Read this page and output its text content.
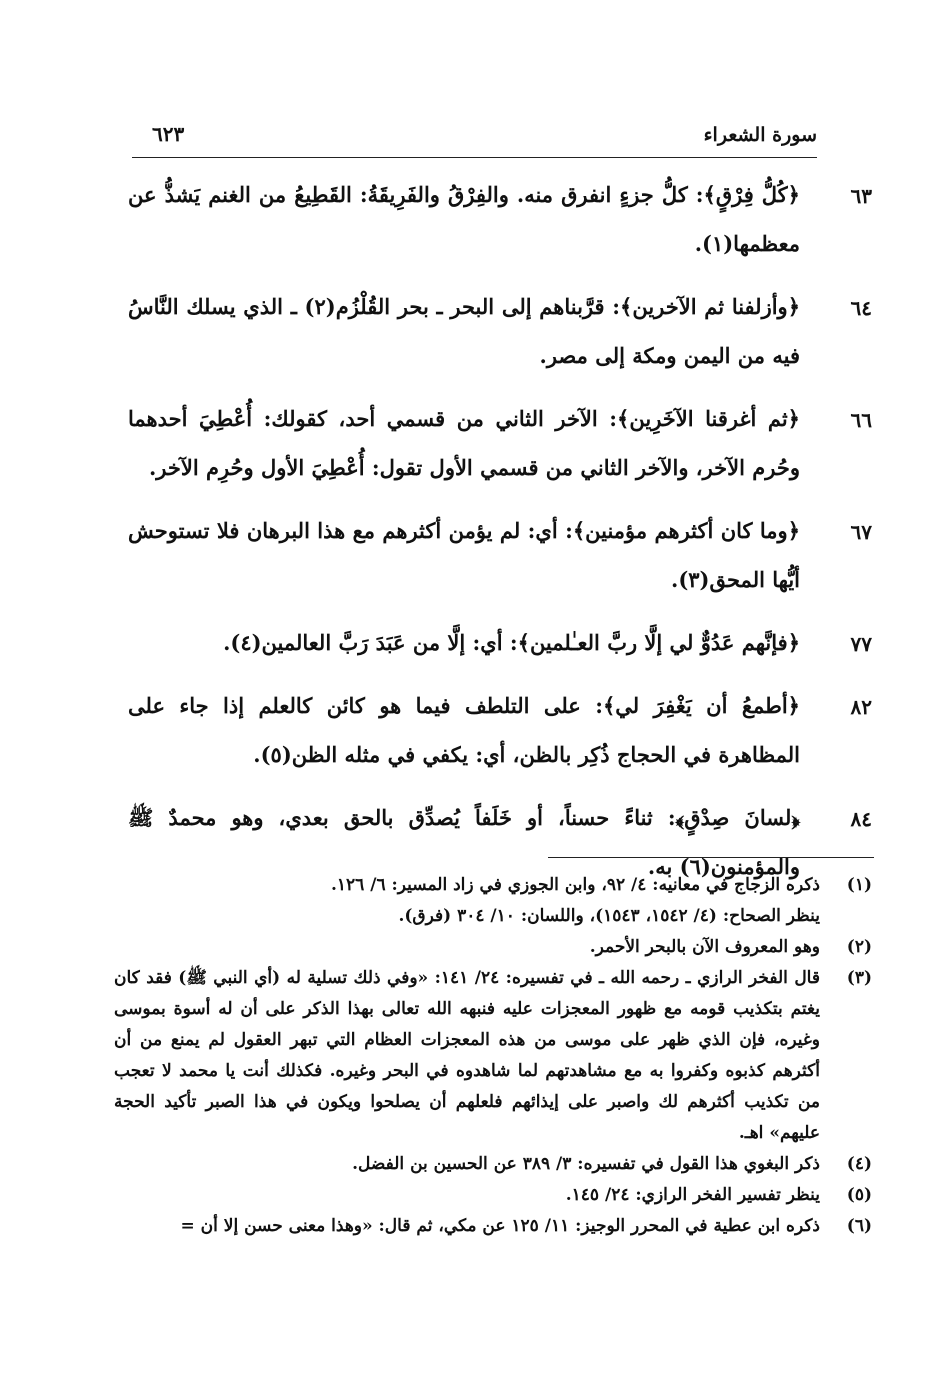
سورة الشعراء
٦٢٣
٦٣
﴿كُلُّ فِرْقٍ﴾: كلُّ جزءٍ انفرق منه. والفِرْقُ والفَرِيقَةُ: القَطِيعُ من الغنم يَشذُّ عن معظمها(١).
٦٤
﴿وأزلفنا ثم الآخرين﴾: قرَّبناهم إلى البحر ـ بحر القُلْزُم(٢) ـ الذي يسلك النَّاسُ فيه من اليمن ومكة إلى مصر.
٦٦
﴿ثم أغرقنا الآخَرِين﴾: الآخر الثاني من قسمي أحد، كقولك: أُعْطِيَ أحدهما وحُرم الآخر، والآخر الثاني من قسمي الأول تقول: أُعْطِيَ الأول وحُرِم الآخر.
٦٧
﴿وما كان أكثرهم مؤمنين﴾: أي: لم يؤمن أكثرهم مع هذا البرهان فلا تستوحش أيُّها المحق(٣).
٧٧
﴿فإنَّهم عَدُوٌّ لي إلَّا ربَّ العـٰلمين﴾: أي: إلَّا من عَبَدَ رَبَّ العالمين(٤).
٨٢
﴿أطمعُ أن يَغْفِرَ لي﴾: على التلطف فيما هو كائن كالعلم إذا جاء على المظاهرة في الحجاج ذُكِر بالظن، أي: يكفي في مثله الظن(٥).
٨٤
﴿لسانَ صِدْقٍ﴾: ثناءً حسناً، أو خَلَفاً يُصدِّق بالحق بعدي، وهو محمدٌ ﷺ والمؤمنون(٦) به.
(١)
ذكره الزجاج في معانيه: ٤/ ٩٢، وابن الجوزي في زاد المسير: ٦/ ١٢٦.
ينظر الصحاح: (٤/ ١٥٤٢، ١٥٤٣)، واللسان: ١٠/ ٣٠٤ (فرق).
(٢)
وهو المعروف الآن بالبحر الأحمر.
(٣)
قال الفخر الرازي ـ رحمه الله ـ في تفسيره: ٢٤/ ١٤١: «وفي ذلك تسلية له (أي النبي ﷺ) فقد كان يغتم بتكذيب قومه مع ظهور المعجزات عليه فنبهه الله تعالى بهذا الذكر على أن له أسوة بموسى وغيره، فإن الذي ظهر على موسى من هذه المعجزات العظام التي تبهر العقول لم يمنع من أن أكثرهم كذبوه وكفروا به مع مشاهدتهم لما شاهدوه في البحر وغيره. فكذلك أنت يا محمد لا تعجب من تكذيب أكثرهم لك واصبر على إيذائهم فلعلهم أن يصلحوا ويكون في هذا الصبر تأكيد الحجة عليهم» اهـ.
(٤)
ذكر البغوي هذا القول في تفسيره: ٣/ ٣٨٩ عن الحسين بن الفضل.
(٥)
ينظر تفسير الفخر الرازي: ٢٤/ ١٤٥.
(٦)
ذكره ابن عطية في المحرر الوجيز: ١١/ ١٢٥ عن مكي، ثم قال: «وهذا معنى حسن إلا أن =
